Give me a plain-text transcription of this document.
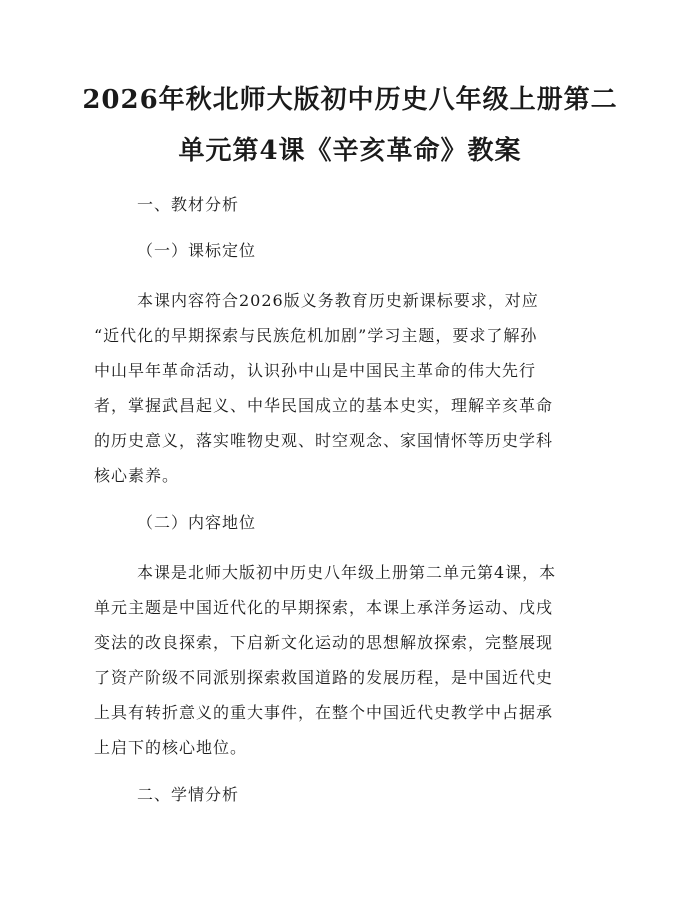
2026年秋北师大版初中历史八年级上册第二
单元第4课《辛亥革命》教案

一、教材分析

（一）课标定位

本课内容符合2026版义务教育历史新课标要求，对应
“近代化的早期探索与民族危机加剧”学习主题，要求了解孙
中山早年革命活动，认识孙中山是中国民主革命的伟大先行
者，掌握武昌起义、中华民国成立的基本史实，理解辛亥革命
的历史意义，落实唯物史观、时空观念、家国情怀等历史学科
核心素养。

（二）内容地位

本课是北师大版初中历史八年级上册第二单元第4课，本
单元主题是中国近代化的早期探索，本课上承洋务运动、戊戌
变法的改良探索，下启新文化运动的思想解放探索，完整展现
了资产阶级不同派别探索救国道路的发展历程，是中国近代史
上具有转折意义的重大事件，在整个中国近代史教学中占据承
上启下的核心地位。

二、学情分析
